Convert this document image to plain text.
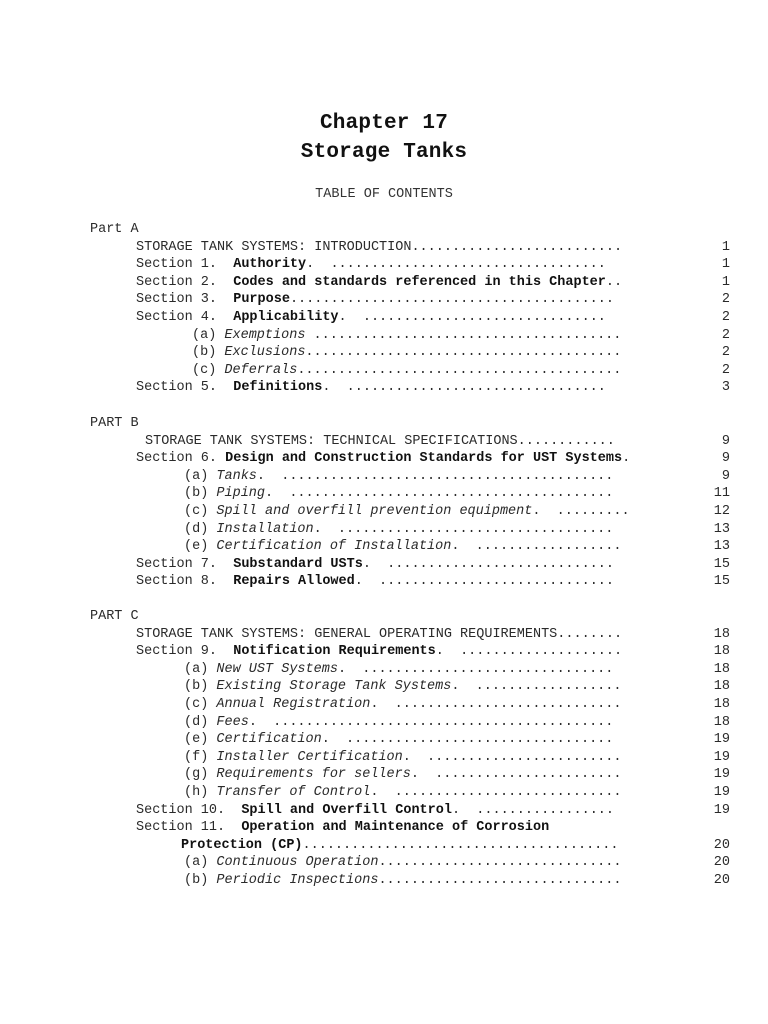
Chapter 17
Storage Tanks
TABLE OF CONTENTS
Part A
STORAGE TANK SYSTEMS: INTRODUCTION..........................	1
Section 1.  Authority.  ..................................	1
Section 2.  Codes and standards referenced in this Chapter..	1
Section 3.  Purpose........................................	2
Section 4.  Applicability.  ..............................	2
(a) Exemptions ......................................	2
(b) Exclusions.......................................	2
(c) Deferrals........................................	2
Section 5.  Definitions.  ................................	3
PART B
STORAGE TANK SYSTEMS: TECHNICAL SPECIFICATIONS............	9
Section 6. Design and Construction Standards for UST Systems.	9
(a) Tanks.  .........................................	9
(b) Piping.  ........................................	11
(c) Spill and overfill prevention equipment.  .........	12
(d) Installation.  ..................................	13
(e) Certification of Installation.  ..................	13
Section 7.  Substandard USTs.  ............................	15
Section 8.  Repairs Allowed.  .............................	15
PART C
STORAGE TANK SYSTEMS: GENERAL OPERATING REQUIREMENTS........	18
Section 9.  Notification Requirements.  ....................	18
(a) New UST Systems.  ...............................	18
(b) Existing Storage Tank Systems.  ..................	18
(c) Annual Registration.  ............................	18
(d) Fees.  ..........................................	18
(e) Certification.  .................................	19
(f) Installer Certification.  ........................	19
(g) Requirements for sellers.  .......................	19
(h) Transfer of Control.  ............................	19
Section 10.  Spill and Overfill Control.  .................	19
Section 11.  Operation and Maintenance of Corrosion
Protection (CP).......................................	20
(a) Continuous Operation..............................	20
(b) Periodic Inspections..............................	20
